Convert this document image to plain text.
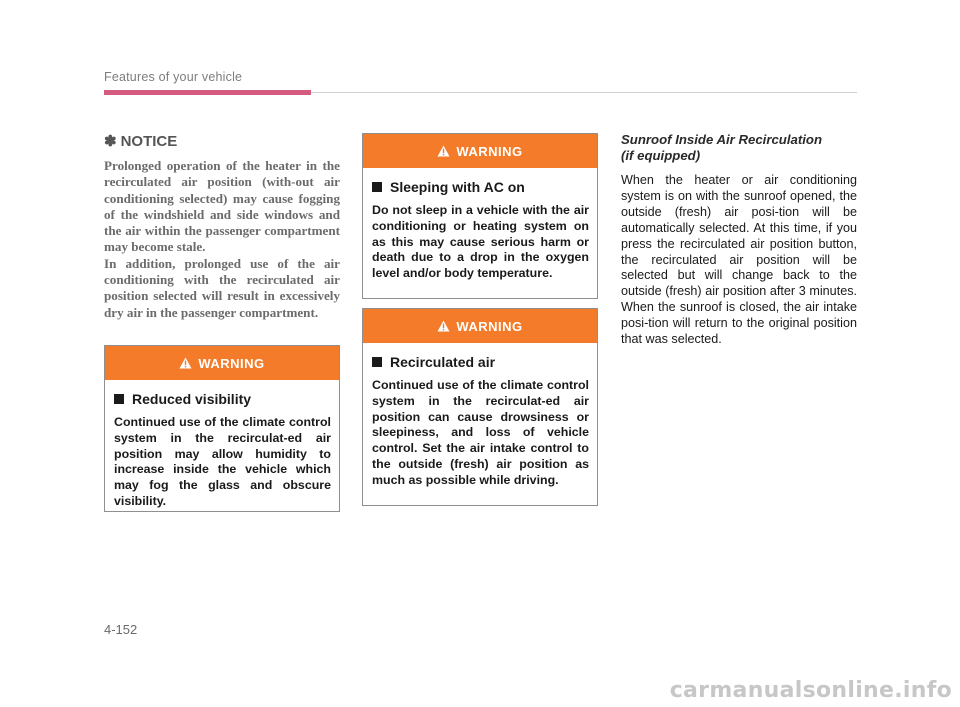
Features of your vehicle
✽ NOTICE

Prolonged operation of the heater in the recirculated air position (with-out air conditioning selected) may cause fogging of the windshield and side windows and the air within the passenger compartment may become stale.

In addition, prolonged use of the air conditioning with the recirculated air position selected will result in excessively dry air in the passenger compartment.

WARNING
Reduced visibility

Continued use of the climate control system in the recirculat-ed air position may allow humidity to increase inside the vehicle which may fog the glass and obscure visibility.

WARNING
Sleeping with AC on

Do not sleep in a vehicle with the air conditioning or heating system on as this may cause serious harm or death due to a drop in the oxygen level and/or body temperature.

WARNING
Recirculated air

Continued use of the climate control system in the recirculat-ed air position can cause drowsiness or sleepiness, and loss of vehicle control. Set the air intake control to the outside (fresh) air position as much as possible while driving.

Sunroof Inside Air Recirculation
(if equipped)

When the heater or air conditioning system is on with the sunroof opened, the outside (fresh) air posi-tion will be automatically selected. At this time, if you press the recirculated air position button, the recirculated air position will be selected but will change back to the outside (fresh) air position after 3 minutes. When the sunroof is closed, the air intake posi-tion will return to the original position that was selected.

4-152
carmanualsonline.info
